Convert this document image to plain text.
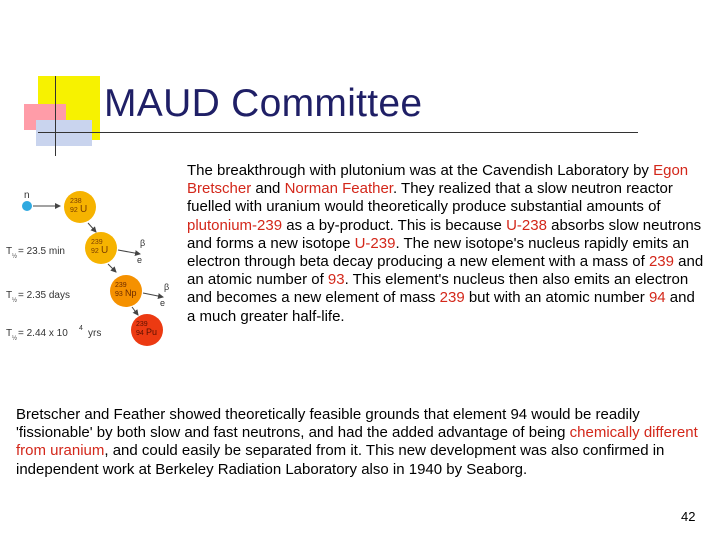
MAUD Committee
n
238
92 U
T ½ = 23.5 min
239
92 U
β
e
T ½ = 2.35 days
239
93 Np
β
e
T ½ = 2.44 x 10 4 yrs
239
94 Pu
The breakthrough with plutonium was at the Cavendish Laboratory by Egon Bretscher and Norman Feather. They realized that a slow neutron reactor fuelled with uranium would theoretically produce substantial amounts of plutonium-239 as a by-product. This is because U-238 absorbs slow neutrons and forms a new isotope U-239. The new isotope's nucleus rapidly emits an electron through beta decay producing a new element with a mass of 239 and an atomic number of 93. This element's nucleus then also emits an electron and becomes a new element of mass 239 but with an atomic number 94 and a much greater half-life.
Bretscher and Feather showed theoretically feasible grounds that element 94 would be readily 'fissionable' by both slow and fast neutrons, and had the added advantage of being chemically different from uranium, and could easily be separated from it. This new development was also confirmed in independent work at Berkeley Radiation Laboratory also in 1940 by Seaborg.
42
